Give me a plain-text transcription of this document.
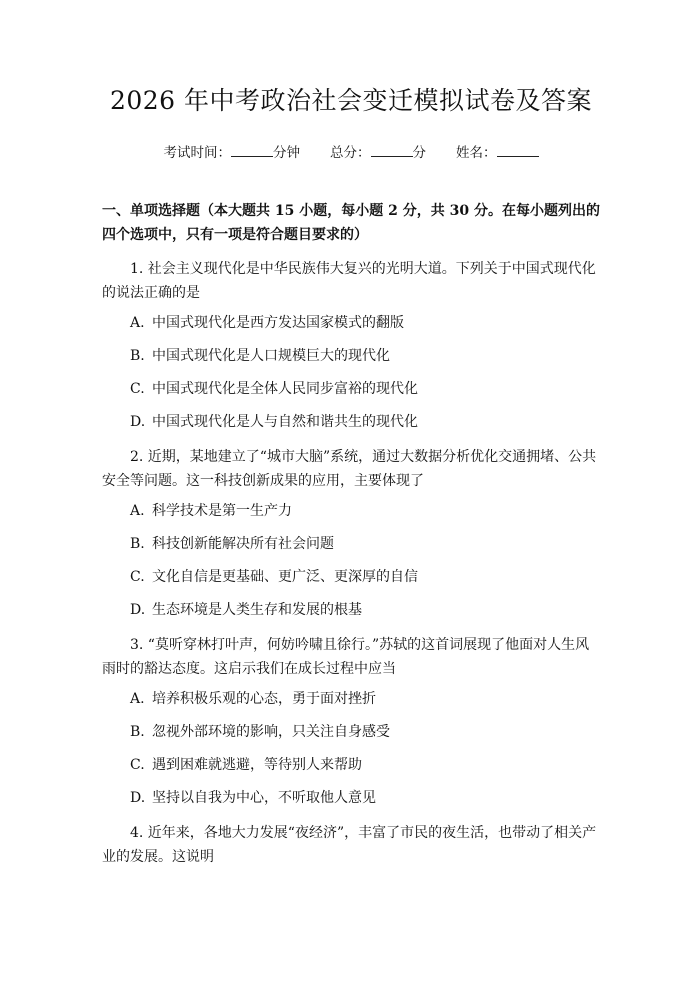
2026 年中考政治社会变迁模拟试卷及答案
考试时间：	分钟 总分：	分 姓名：
一、单项选择题（本大题共 15 小题，每小题 2 分，共 30 分。在每小题列出的四个选项中，只有一项是符合题目要求的）
1. 社会主义现代化是中华民族伟大复兴的光明大道。下列关于中国式现代化的说法正确的是
A. 中国式现代化是西方发达国家模式的翻版
B. 中国式现代化是人口规模巨大的现代化
C. 中国式现代化是全体人民同步富裕的现代化
D. 中国式现代化是人与自然和谐共生的现代化
2. 近期，某地建立了“城市大脑”系统，通过大数据分析优化交通拥堵、公共安全等问题。这一科技创新成果的应用，主要体现了
A. 科学技术是第一生产力
B. 科技创新能解决所有社会问题
C. 文化自信是更基础、更广泛、更深厚的自信
D. 生态环境是人类生存和发展的根基
3. “莫听穿林打叶声，何妨吟啸且徐行。”苏轼的这首词展现了他面对人生风雨时的豁达态度。这启示我们在成长过程中应当
A. 培养积极乐观的心态，勇于面对挫折
B. 忽视外部环境的影响，只关注自身感受
C. 遇到困难就逃避，等待别人来帮助
D. 坚持以自我为中心，不听取他人意见
4. 近年来，各地大力发展“夜经济”，丰富了市民的夜生活，也带动了相关产业的发展。这说明
